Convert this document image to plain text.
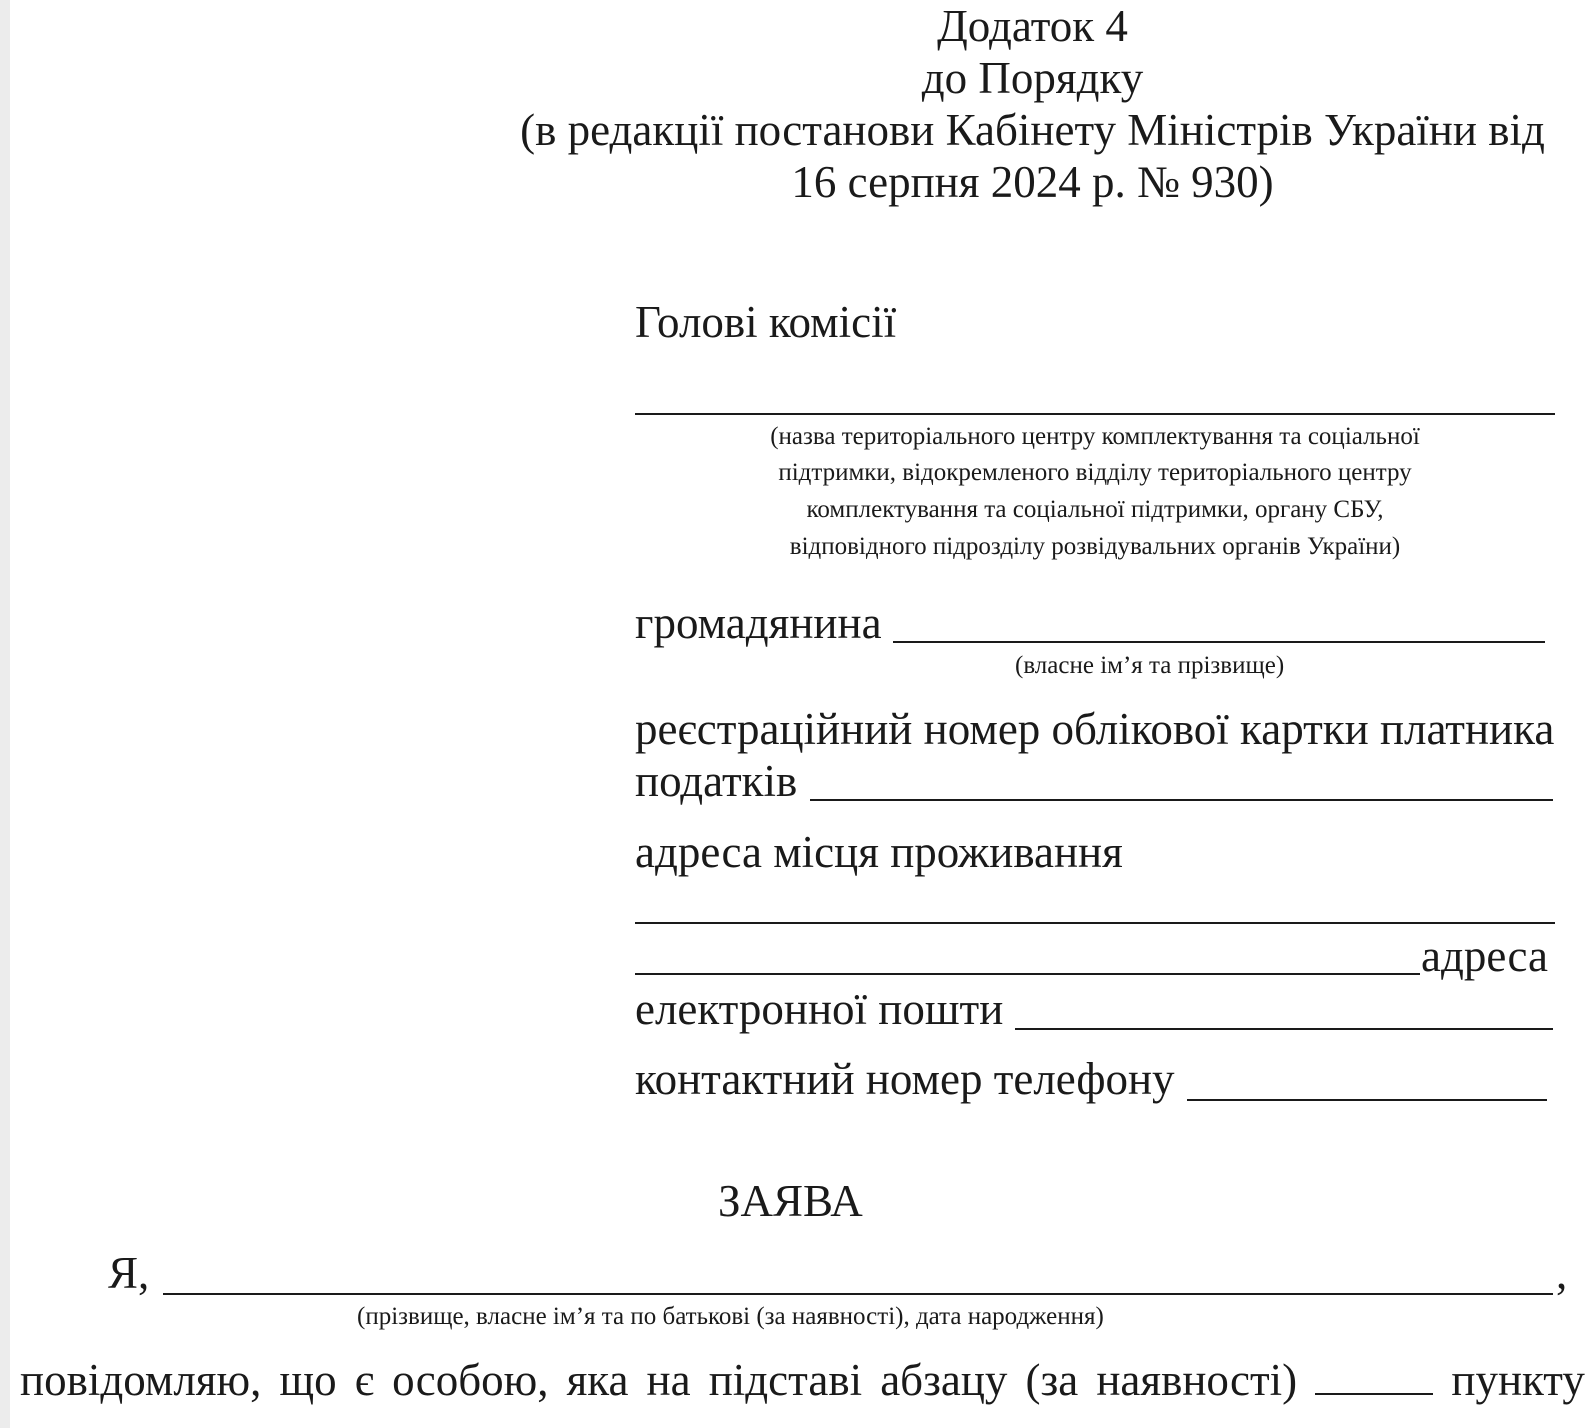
Додаток 4
до Порядку
(в редакції постанови Кабінету Міністрів України від
16 серпня 2024 р. № 930)
Голові комісії
(назва територіального центру комплектування та соціальної
підтримки, відокремленого відділу територіального центру
комплектування та соціальної підтримки, органу СБУ,
відповідного підрозділу розвідувальних органів України)
громадянина
(власне ім’я та прізвище)
реєстраційний номер облікової картки платника
податків
адреса місця проживання
адреса
електронної пошти
контактний номер телефону
ЗАЯВА
Я,	,
(прізвище, власне ім’я та по батькові (за наявності), дата народження)
повідомляю, що є особою, яка на підставі абзацу (за наявності)	пункту
